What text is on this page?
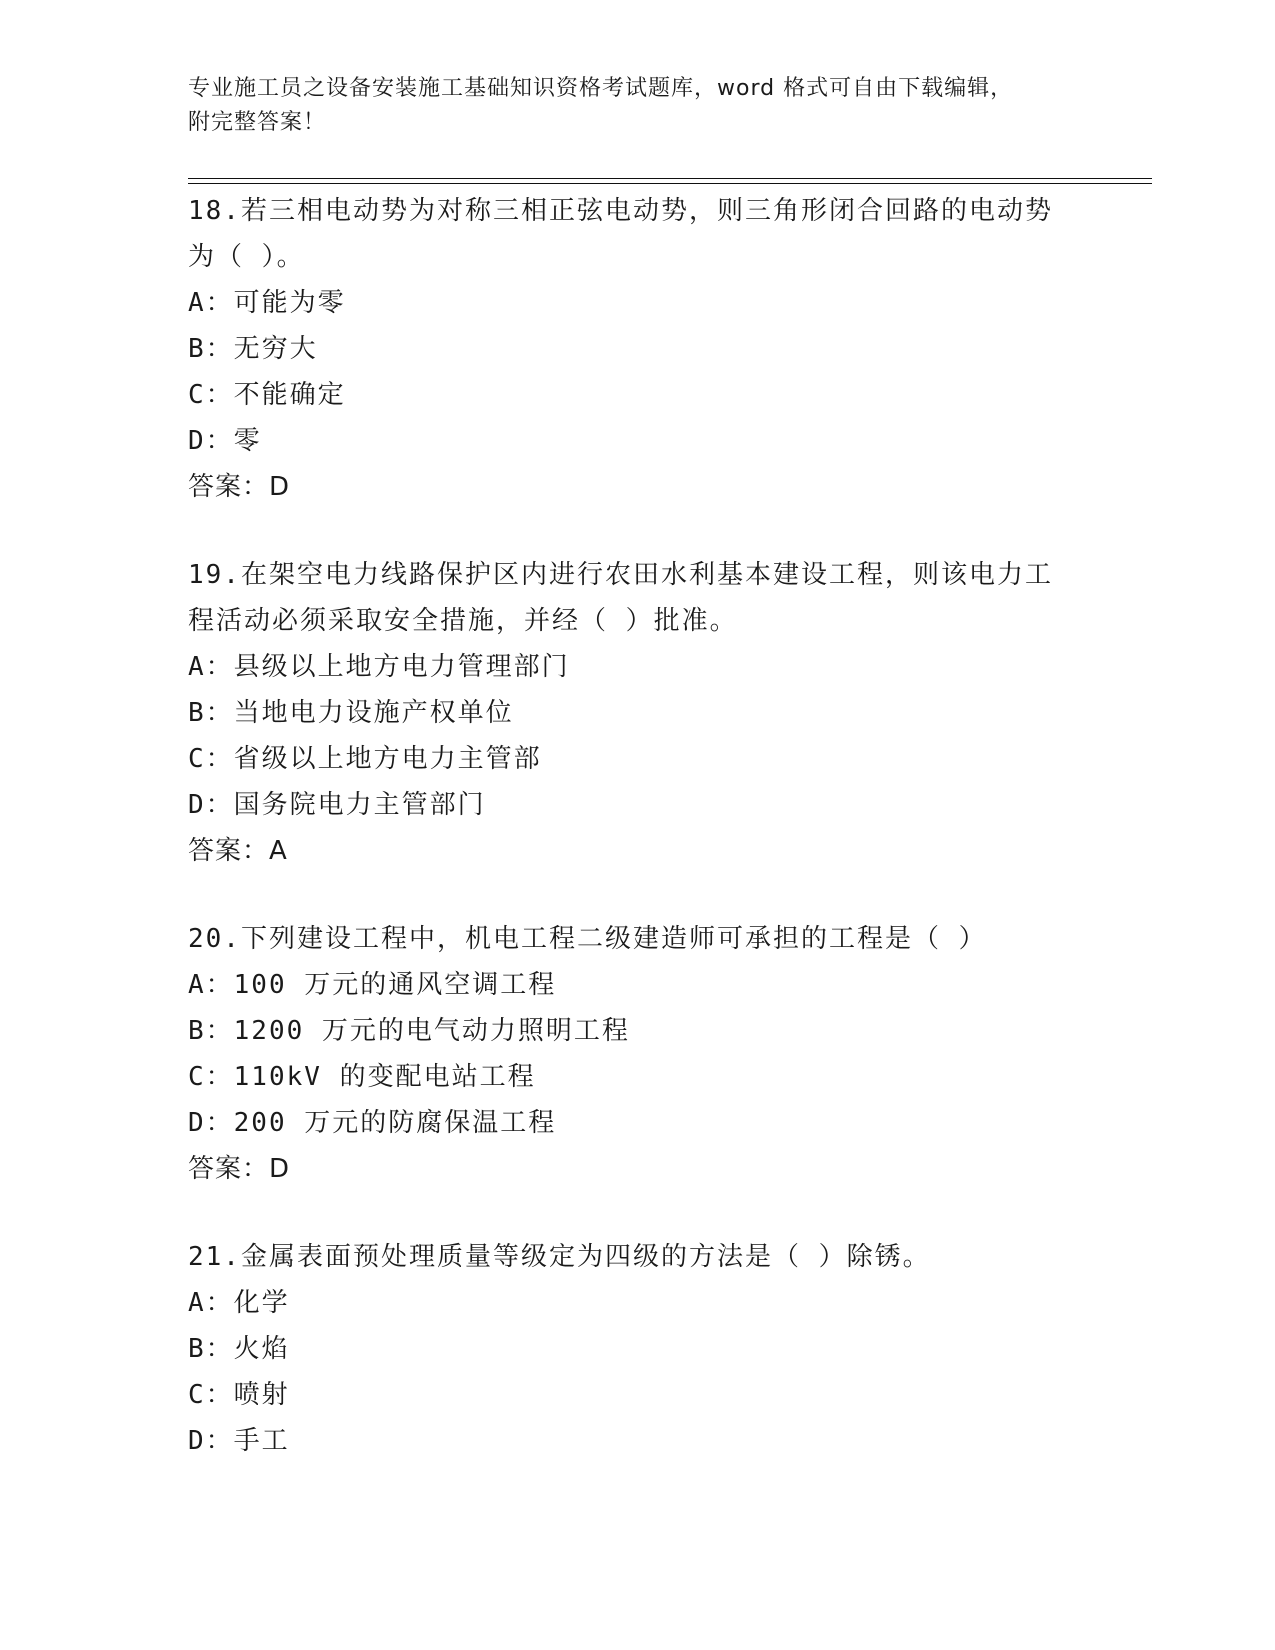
专业施工员之设备安装施工基础知识资格考试题库，word 格式可自由下载编辑，
附完整答案！
18.若三相电动势为对称三相正弦电动势，则三角形闭合回路的电动势为（ ）。
A：可能为零
B：无穷大
C：不能确定
D：零
答案：D
19.在架空电力线路保护区内进行农田水利基本建设工程，则该电力工程活动必须采取安全措施，并经（ ）批准。
A：县级以上地方电力管理部门
B：当地电力设施产权单位
C：省级以上地方电力主管部
D：国务院电力主管部门
答案：A
20.下列建设工程中，机电工程二级建造师可承担的工程是（ ）
A：100 万元的通风空调工程
B：1200 万元的电气动力照明工程
C：110kV 的变配电站工程
D：200 万元的防腐保温工程
答案：D
21.金属表面预处理质量等级定为四级的方法是（ ）除锈。
A：化学
B：火焰
C：喷射
D：手工
